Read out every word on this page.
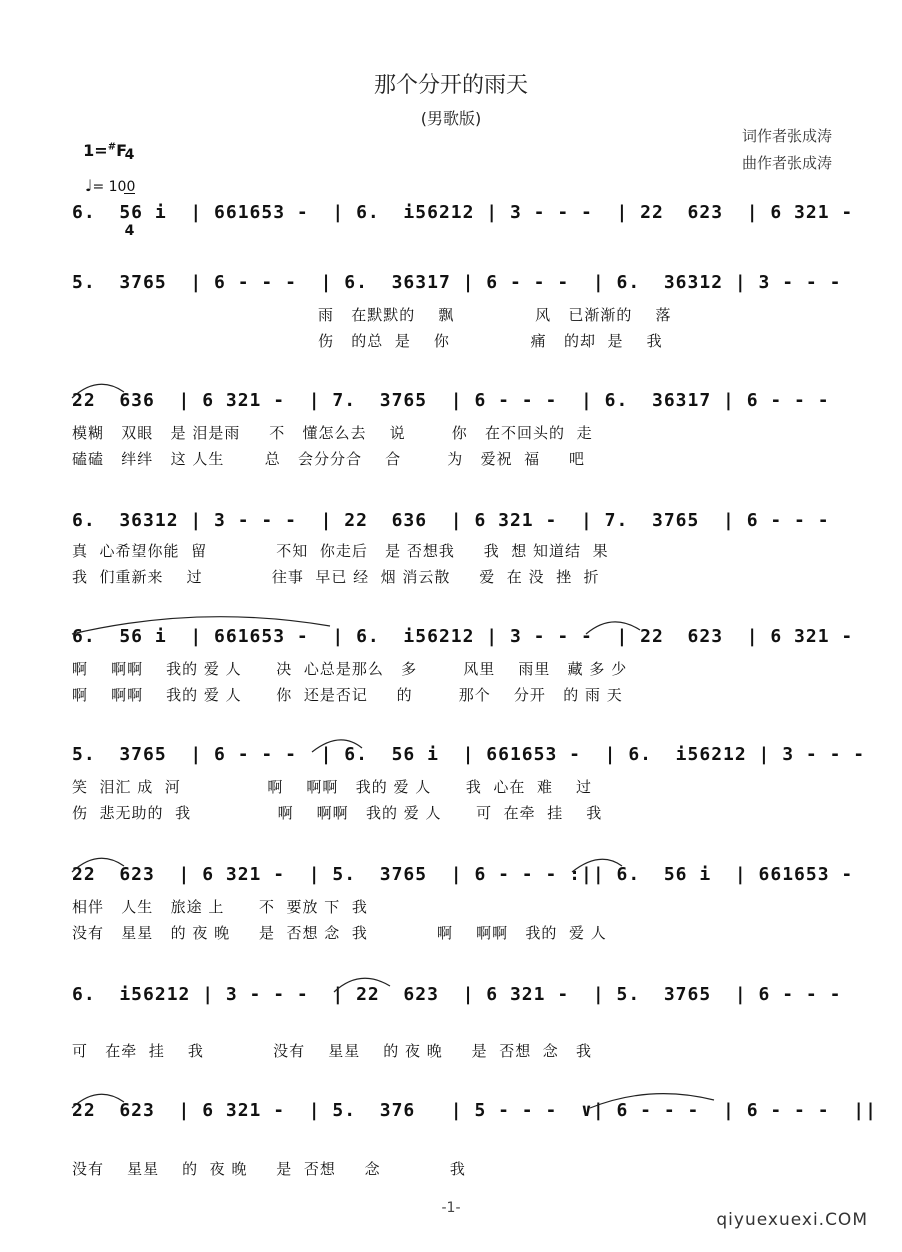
那个分开的雨天
(男歌版)

1=#F

4

4

♩= 100

词作者张成涛
曲作者张成涛
6.  56 i  | 661653 -  | 6.  i56212 | 3 - - -  | 22  623  | 6 321 -
5.  3765  | 6 - - -  | 6.  36317 | 6 - - -  | 6.  36312 | 3 - - -
雨   在默默的    飘              风   已渐渐的    落
伤   的总  是    你              痛   的却  是    我
22  636  | 6 321 -  | 7.  3765  | 6 - - -  | 6.  36317 | 6 - - -
模糊   双眼   是 泪是雨     不   懂怎么去    说        你   在不回头的  走
磕磕   绊绊   这 人生       总   会分分合    合        为   爱祝  福     吧
6.  36312 | 3 - - -  | 22  636  | 6 321 -  | 7.  3765  | 6 - - -
真  心希望你能  留            不知  你走后   是 否想我     我  想 知道结  果
我  们重新来    过            往事  早已 经  烟 消云散     爱  在 没  挫  折
6.  56 i  | 661653 -  | 6.  i56212 | 3 - - -  | 22  623  | 6 321 -
啊    啊啊    我的 爱 人      决  心总是那么   多        风里    雨里   藏 多 少
啊    啊啊    我的 爱 人      你  还是否记     的        那个    分开   的 雨 天
5.  3765  | 6 - - -  | 6.  56 i  | 661653 -  | 6.  i56212 | 3 - - -
笑  泪汇 成  河               啊    啊啊   我的 爱 人      我  心在  难    过
伤  悲无助的  我               啊    啊啊   我的 爱 人      可  在牵  挂    我
22  623  | 6 321 -  | 5.  3765  | 6 - - - :|| 6.  56 i  | 661653 -
相伴   人生   旅途 上      不  要放 下  我
没有   星星   的 夜 晚     是  否想 念  我            啊    啊啊   我的  爱 人
6.  i56212 | 3 - - -  | 22  623  | 6 321 -  | 5.  3765  | 6 - - -
可   在牵  挂    我            没有    星星    的 夜 晚     是  否想  念   我
22  623  | 6 321 -  | 5.  376   | 5 - - -  ∨| 6 - - -  | 6 - - -  ||
没有    星星    的  夜 晚     是  否想     念            我
-1-
qiyuexuexi.COM
